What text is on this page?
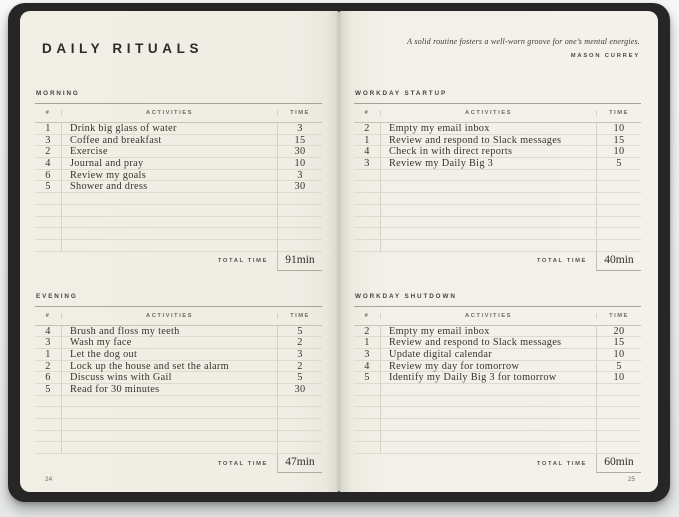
DAILY RITUALS
MORNING
#	ACTIVITIES	TIME
1	Drink big glass of water	3
3	Coffee and breakfast	15
2	Exercise	30
4	Journal and pray	10
6	Review my goals	3
5	Shower and dress	30
TOTAL TIME	91min
EVENING
#	ACTIVITIES	TIME
4	Brush and floss my teeth	5
3	Wash my face	2
1	Let the dog out	3
2	Lock up the house and set the alarm	2
6	Discuss wins with Gail	5
5	Read for 30 minutes	30
TOTAL TIME	47min
24
A solid routine fosters a well-worn groove for one’s mental energies.
MASON CURREY
WORKDAY STARTUP
#	ACTIVITIES	TIME
2	Empty my email inbox	10
1	Review and respond to Slack messages	15
4	Check in with direct reports	10
3	Review my Daily Big 3	5
TOTAL TIME	40min
WORKDAY SHUTDOWN
#	ACTIVITIES	TIME
2	Empty my email inbox	20
1	Review and respond to Slack messages	15
3	Update digital calendar	10
4	Review my day for tomorrow	5
5	Identify my Daily Big 3 for tomorrow	10
TOTAL TIME	60min
25
